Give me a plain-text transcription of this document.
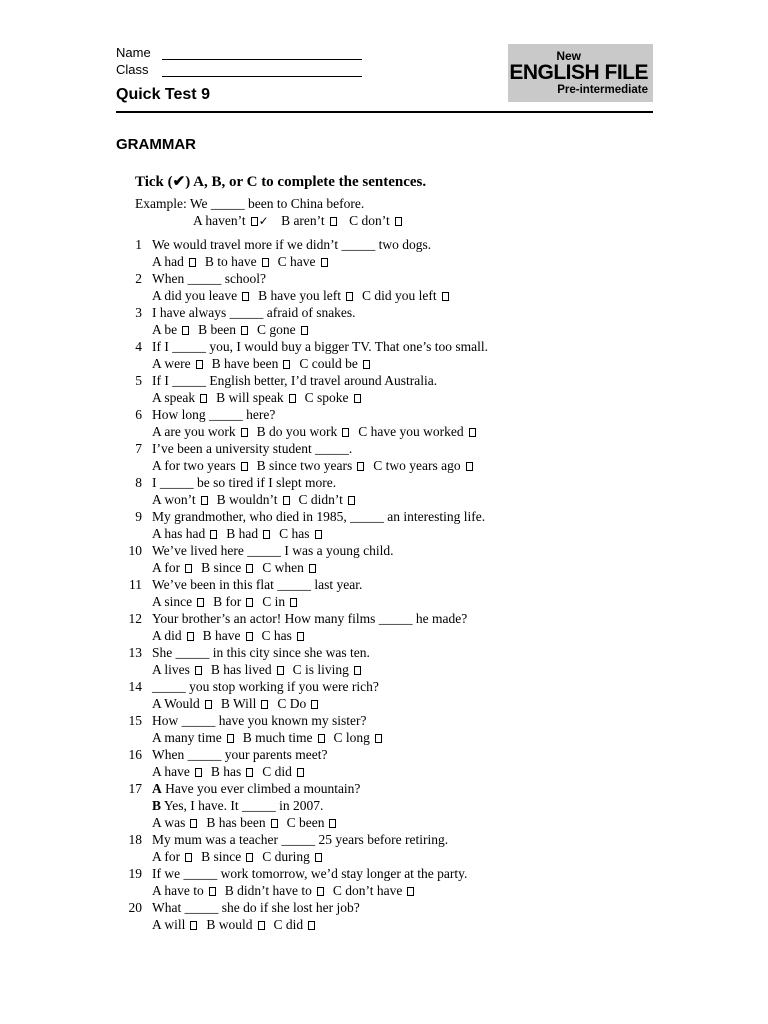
Name
Class
Quick Test 9
New
ENGLISH FILE
Pre-intermediate
GRAMMAR
Tick (✔) A, B, or C to complete the sentences.
Example: We _____ been to China before.
A haven’t ✓ B aren’t C don’t
1 We would travel more if we didn’t _____ two dogs.
A had B to have C have
2 When _____ school?
A did you leave B have you left C did you left
3 I have always _____ afraid of snakes.
A be B been C gone
4 If I _____ you, I would buy a bigger TV. That one’s too small.
A were B have been C could be
5 If I _____ English better, I’d travel around Australia.
A speak B will speak C spoke
6 How long _____ here?
A are you work B do you work C have you worked
7 I’ve been a university student _____.
A for two years B since two years C two years ago
8 I _____ be so tired if I slept more.
A won’t B wouldn’t C didn’t
9 My grandmother, who died in 1985, _____ an interesting life.
A has had B had C has
10 We’ve lived here _____ I was a young child.
A for B since C when
11 We’ve been in this flat _____ last year.
A since B for C in
12 Your brother’s an actor! How many films _____ he made?
A did B have C has
13 She _____ in this city since she was ten.
A lives B has lived C is living
14 _____ you stop working if you were rich?
A Would B Will C Do
15 How _____ have you known my sister?
A many time B much time C long
16 When _____ your parents meet?
A have B has C did
17 A Have you ever climbed a mountain?
B Yes, I have. It _____ in 2007.
A was B has been C been
18 My mum was a teacher _____ 25 years before retiring.
A for B since C during
19 If we _____ work tomorrow, we’d stay longer at the party.
A have to B didn’t have to C don’t have
20 What _____ she do if she lost her job?
A will B would C did
